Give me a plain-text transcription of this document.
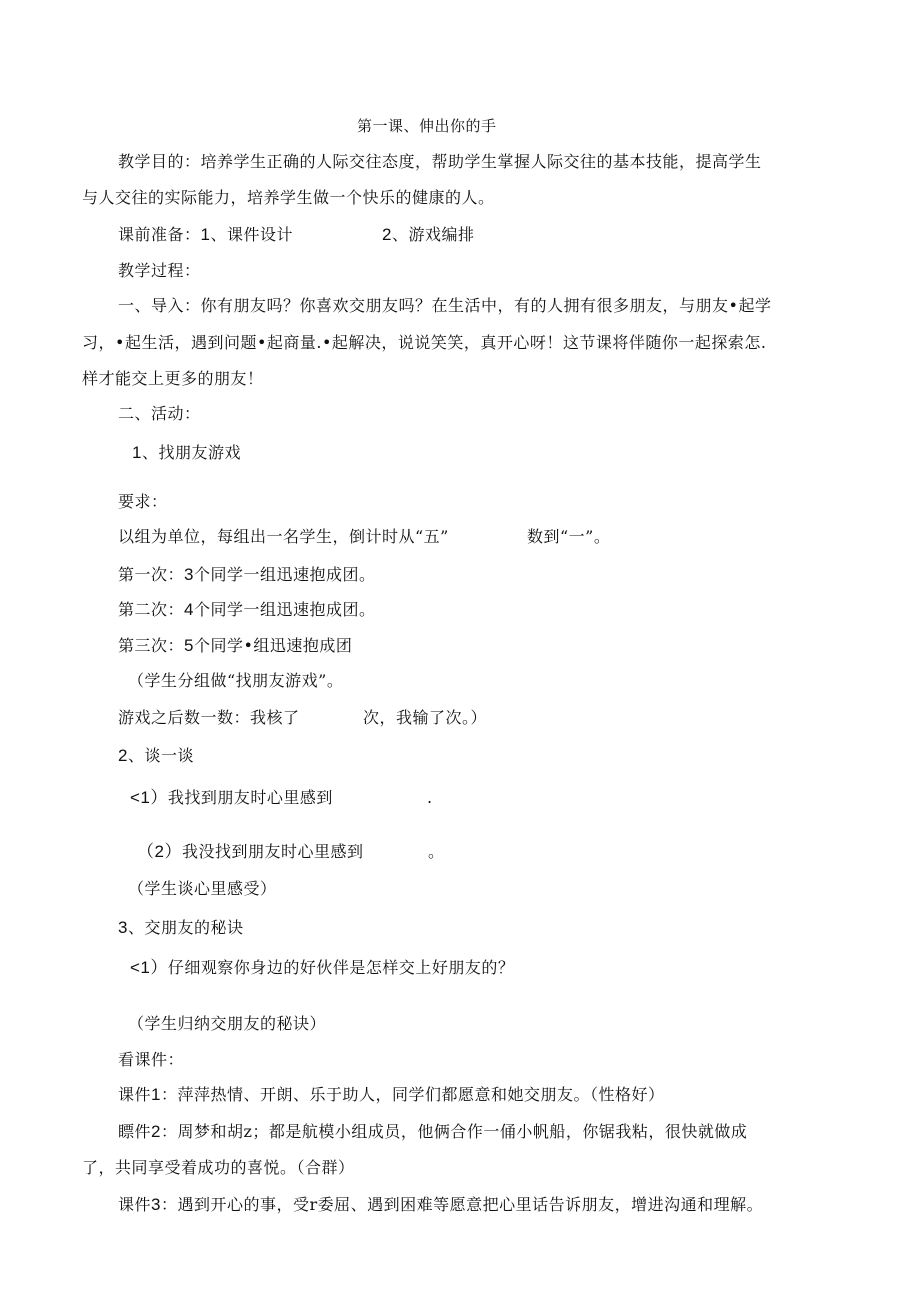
第一课、伸出你的手
教学目的：培养学生正确的人际交往态度，帮助学生掌握人际交往的基本技能，提高学生
与人交往的实际能力，培养学生做一个快乐的健康的人。
课前准备：1、课件设计	2、游戏编排
教学过程：
一、导入：你有朋友吗？你喜欢交朋友吗？在生活中，有的人拥有很多朋友，与朋友•起学
习，•起生活，遇到问题•起商量.•起解决，说说笑笑，真开心呀！这节课将伴随你一起探索怎.
样才能交上更多的朋友！
二、活动：
1、找朋友游戏
要求：
以组为单位，每组出一名学生，倒计时从“五”	数到“一”。
第一次：3个同学一组迅速抱成团。
第二次：4个同学一组迅速抱成团。
第三次：5个同学•组迅速抱成团
（学生分组做“找朋友游戏”。
游戏之后数一数：我核了	次，我输了次。）
2、谈一谈
<1）我找到朋友时心里感到	.
（2）我没找到朋友时心里感到	。
（学生谈心里感受）
3、交朋友的秘诀
<1）仔细观察你身边的好伙伴是怎样交上好朋友的？
（学生归纳交朋友的秘诀）
看课件：
课件1：萍萍热情、开朗、乐于助人，同学们都愿意和她交朋友。（性格好）
瞟件2：周梦和胡z；都是航模小组成员，他俩合作一俑小帆船，你锯我粘，很快就做成
了，共同享受着成功的喜悦。（合群）
课件3：遇到开心的事，受r委屈、遇到困难等愿意把心里话告诉朋友，增进沟通和理解。
